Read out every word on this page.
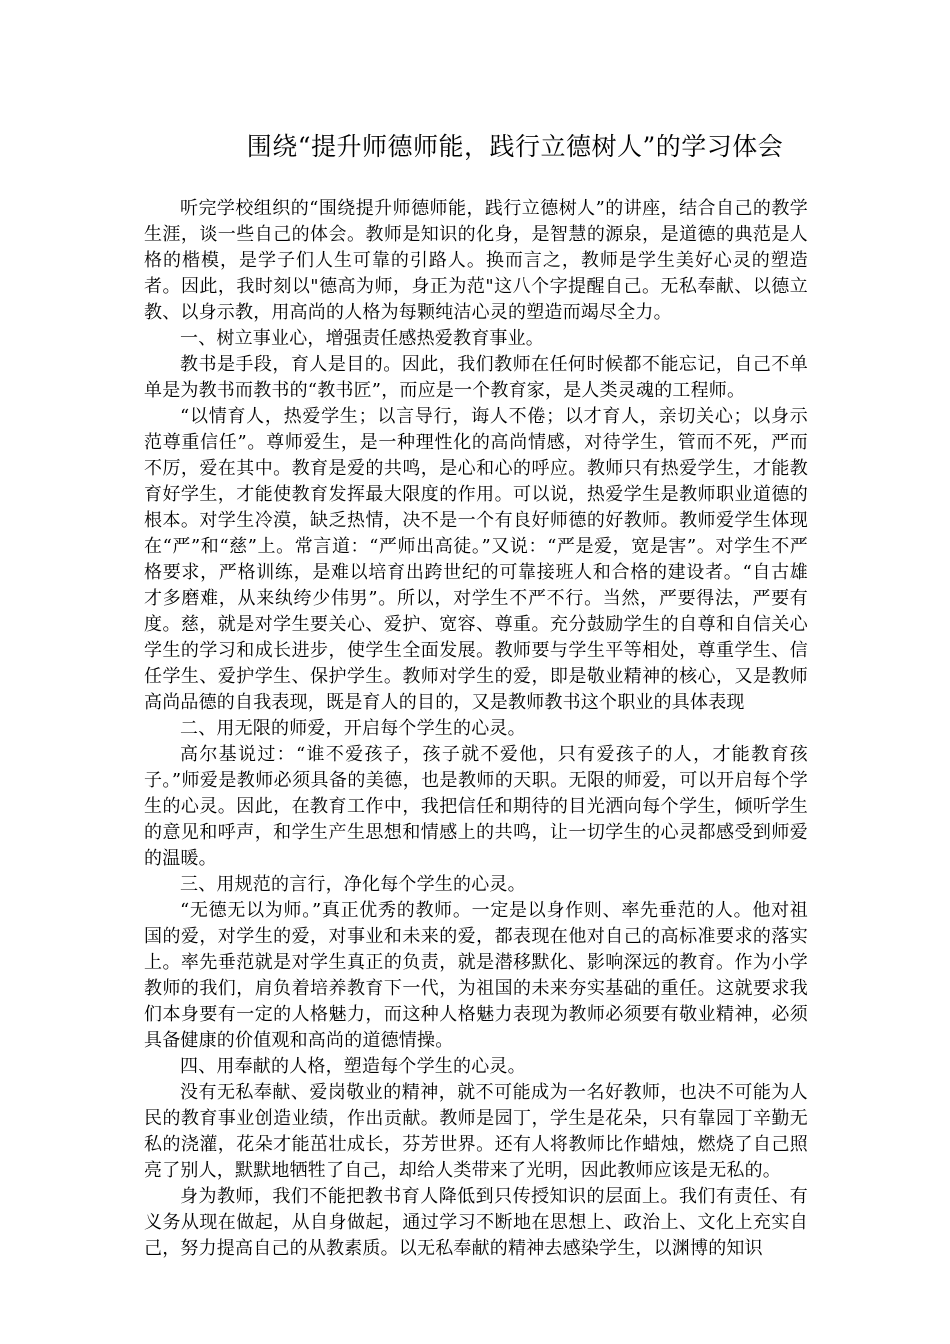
围绕“提升师德师能，践行立德树人”的学习体会

听完学校组织的“围绕提升师德师能，践行立德树人”的讲座，结合自己的教学生涯，谈一些自己的体会。教师是知识的化身，是智慧的源泉，是道德的典范是人格的楷模，是学子们人生可靠的引路人。换而言之，教师是学生美好心灵的塑造者。因此，我时刻以"德高为师，身正为范"这八个字提醒自己。无私奉献、以德立教、以身示教，用高尚的人格为每颗纯洁心灵的塑造而竭尽全力。

一、树立事业心，增强责任感热爱教育事业。

教书是手段，育人是目的。因此，我们教师在任何时候都不能忘记，自己不单单是为教书而教书的“教书匠”，而应是一个教育家，是人类灵魂的工程师。

“以情育人，热爱学生；以言导行，诲人不倦；以才育人，亲切关心；以身示范尊重信任”。尊师爱生，是一种理性化的高尚情感，对待学生，管而不死，严而不厉，爱在其中。教育是爱的共鸣，是心和心的呼应。教师只有热爱学生，才能教育好学生，才能使教育发挥最大限度的作用。可以说，热爱学生是教师职业道德的根本。对学生冷漠，缺乏热情，决不是一个有良好师德的好教师。教师爱学生体现在“严”和“慈”上。常言道：“严师出高徒。”又说：“严是爱，宽是害”。对学生不严格要求，严格训练，是难以培育出跨世纪的可靠接班人和合格的建设者。“自古雄才多磨难，从来纨绔少伟男”。所以，对学生不严不行。当然，严要得法，严要有度。慈，就是对学生要关心、爱护、宽容、尊重。充分鼓励学生的自尊和自信关心学生的学习和成长进步，使学生全面发展。教师要与学生平等相处，尊重学生、信任学生、爱护学生、保护学生。教师对学生的爱，即是敬业精神的核心，又是教师高尚品德的自我表现，既是育人的目的，又是教师教书这个职业的具体表现

二、用无限的师爱，开启每个学生的心灵。

高尔基说过：“谁不爱孩子，孩子就不爱他，只有爱孩子的人，才能教育孩子。”师爱是教师必须具备的美德，也是教师的天职。无限的师爱，可以开启每个学生的心灵。因此，在教育工作中，我把信任和期待的目光洒向每个学生，倾听学生的意见和呼声，和学生产生思想和情感上的共鸣，让一切学生的心灵都感受到师爱的温暖。

三、用规范的言行，净化每个学生的心灵。

“无德无以为师。”真正优秀的教师。一定是以身作则、率先垂范的人。他对祖国的爱，对学生的爱，对事业和未来的爱，都表现在他对自己的高标准要求的落实上。率先垂范就是对学生真正的负责，就是潜移默化、影响深远的教育。作为小学教师的我们，肩负着培养教育下一代，为祖国的未来夯实基础的重任。这就要求我们本身要有一定的人格魅力，而这种人格魅力表现为教师必须要有敬业精神，必须具备健康的价值观和高尚的道德情操。

四、用奉献的人格，塑造每个学生的心灵。

没有无私奉献、爱岗敬业的精神，就不可能成为一名好教师，也决不可能为人民的教育事业创造业绩，作出贡献。教师是园丁，学生是花朵，只有靠园丁辛勤无私的浇灌，花朵才能茁壮成长，芬芳世界。还有人将教师比作蜡烛，燃烧了自己照亮了别人，默默地牺牲了自己，却给人类带来了光明，因此教师应该是无私的。

身为教师，我们不能把教书育人降低到只传授知识的层面上。我们有责任、有义务从现在做起，从自身做起，通过学习不断地在思想上、政治上、文化上充实自己，努力提高自己的从教素质。以无私奉献的精神去感染学生，以渊博的知识
